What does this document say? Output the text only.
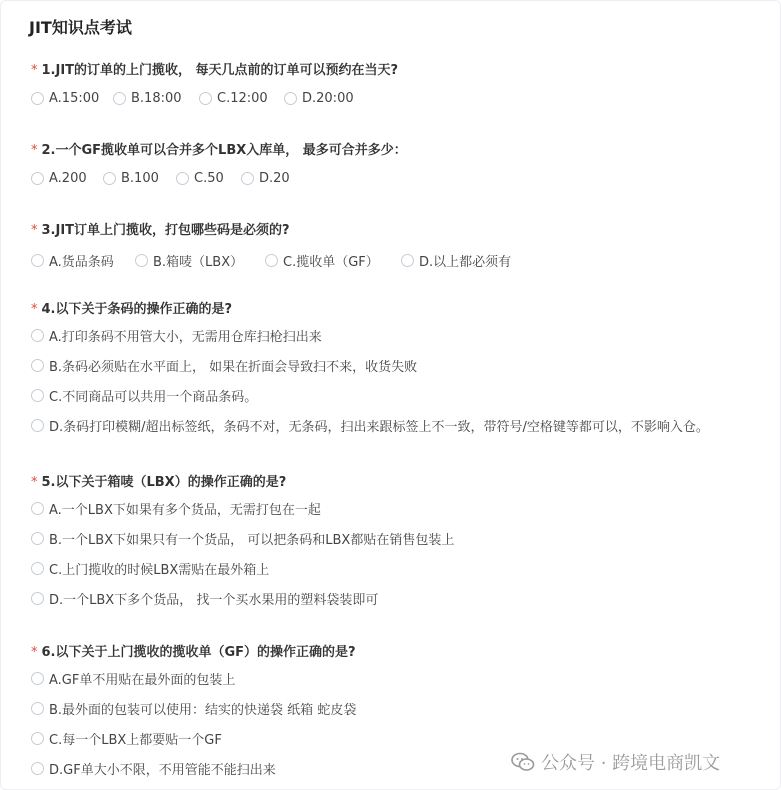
JIT知识点考试
* 1.JIT的订单的上门揽收， 每天几点前的订单可以预约在当天?
A.15:00 B.18:00	C.12:00	D.20:00
* 2.一个GF揽收单可以合并多个LBX入库单， 最多可合并多少：
A.200	B.100	C.50	D.20
* 3.JIT订单上门揽收，打包哪些码是必须的?
A.货品条码	B.箱唛（LBX）	C.揽收单（GF）	D.以上都必须有
* 4.以下关于条码的操作正确的是?
A.打印条码不用管大小，无需用仓库扫枪扫出来
B.条码必须贴在水平面上， 如果在折面会导致扫不来，收货失败
C.不同商品可以共用一个商品条码。
D.条码打印模糊/超出标签纸，条码不对，无条码，扫出来跟标签上不一致，带符号/空格键等都可以，不影响入仓。
* 5.以下关于箱唛（LBX）的操作正确的是?
A.一个LBX下如果有多个货品，无需打包在一起
B.一个LBX下如果只有一个货品， 可以把条码和LBX都贴在销售包装上
C.上门揽收的时候LBX需贴在最外箱上
D.一个LBX下多个货品， 找一个买水果用的塑料袋装即可
* 6.以下关于上门揽收的揽收单（GF）的操作正确的是?
A.GF单不用贴在最外面的包装上
B.最外面的包装可以使用：结实的快递袋 纸箱 蛇皮袋
C.每一个LBX上都要贴一个GF
D.GF单大小不限，不用管能不能扫出来	公众号 · 跨境电商凯文
